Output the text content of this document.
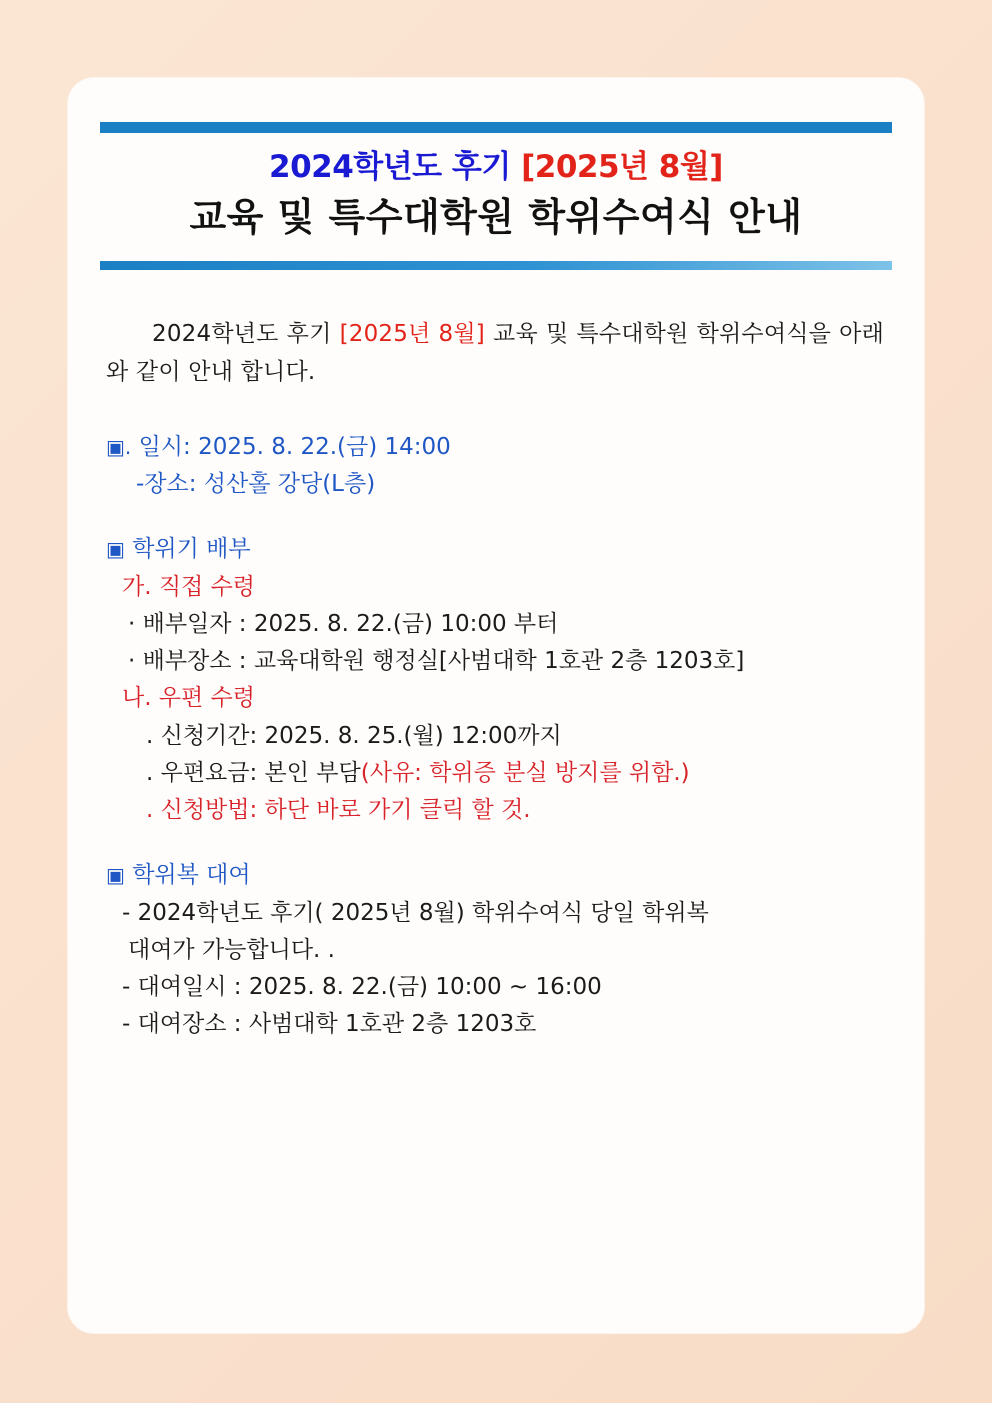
2024학년도 후기 [2025년 8월]
교육 및 특수대학원 학위수여식 안내

2024학년도 후기 [2025년 8월] 교육 및 특수대학원 학위수여식을 아래와 같이 안내 합니다.

▣. 일시: 2025. 8. 22.(금) 14:00
-장소: 성산홀 강당(L층)
▣ 학위기 배부
가. 직접 수령
· 배부일자 : 2025. 8. 22.(금) 10:00 부터
· 배부장소 : 교육대학원 행정실[사범대학 1호관 2층 1203호]
나. 우편 수령
. 신청기간: 2025. 8. 25.(월) 12:00까지
. 우편요금: 본인 부담(사유: 학위증 분실 방지를 위함.)
. 신청방법: 하단 바로 가기 클릭 할 것.
▣ 학위복 대여
- 2024학년도 후기( 2025년 8월) 학위수여식 당일 학위복
대여가 가능합니다. .
- 대여일시 : 2025. 8. 22.(금) 10:00 ~ 16:00
- 대여장소 : 사범대학 1호관 2층 1203호
